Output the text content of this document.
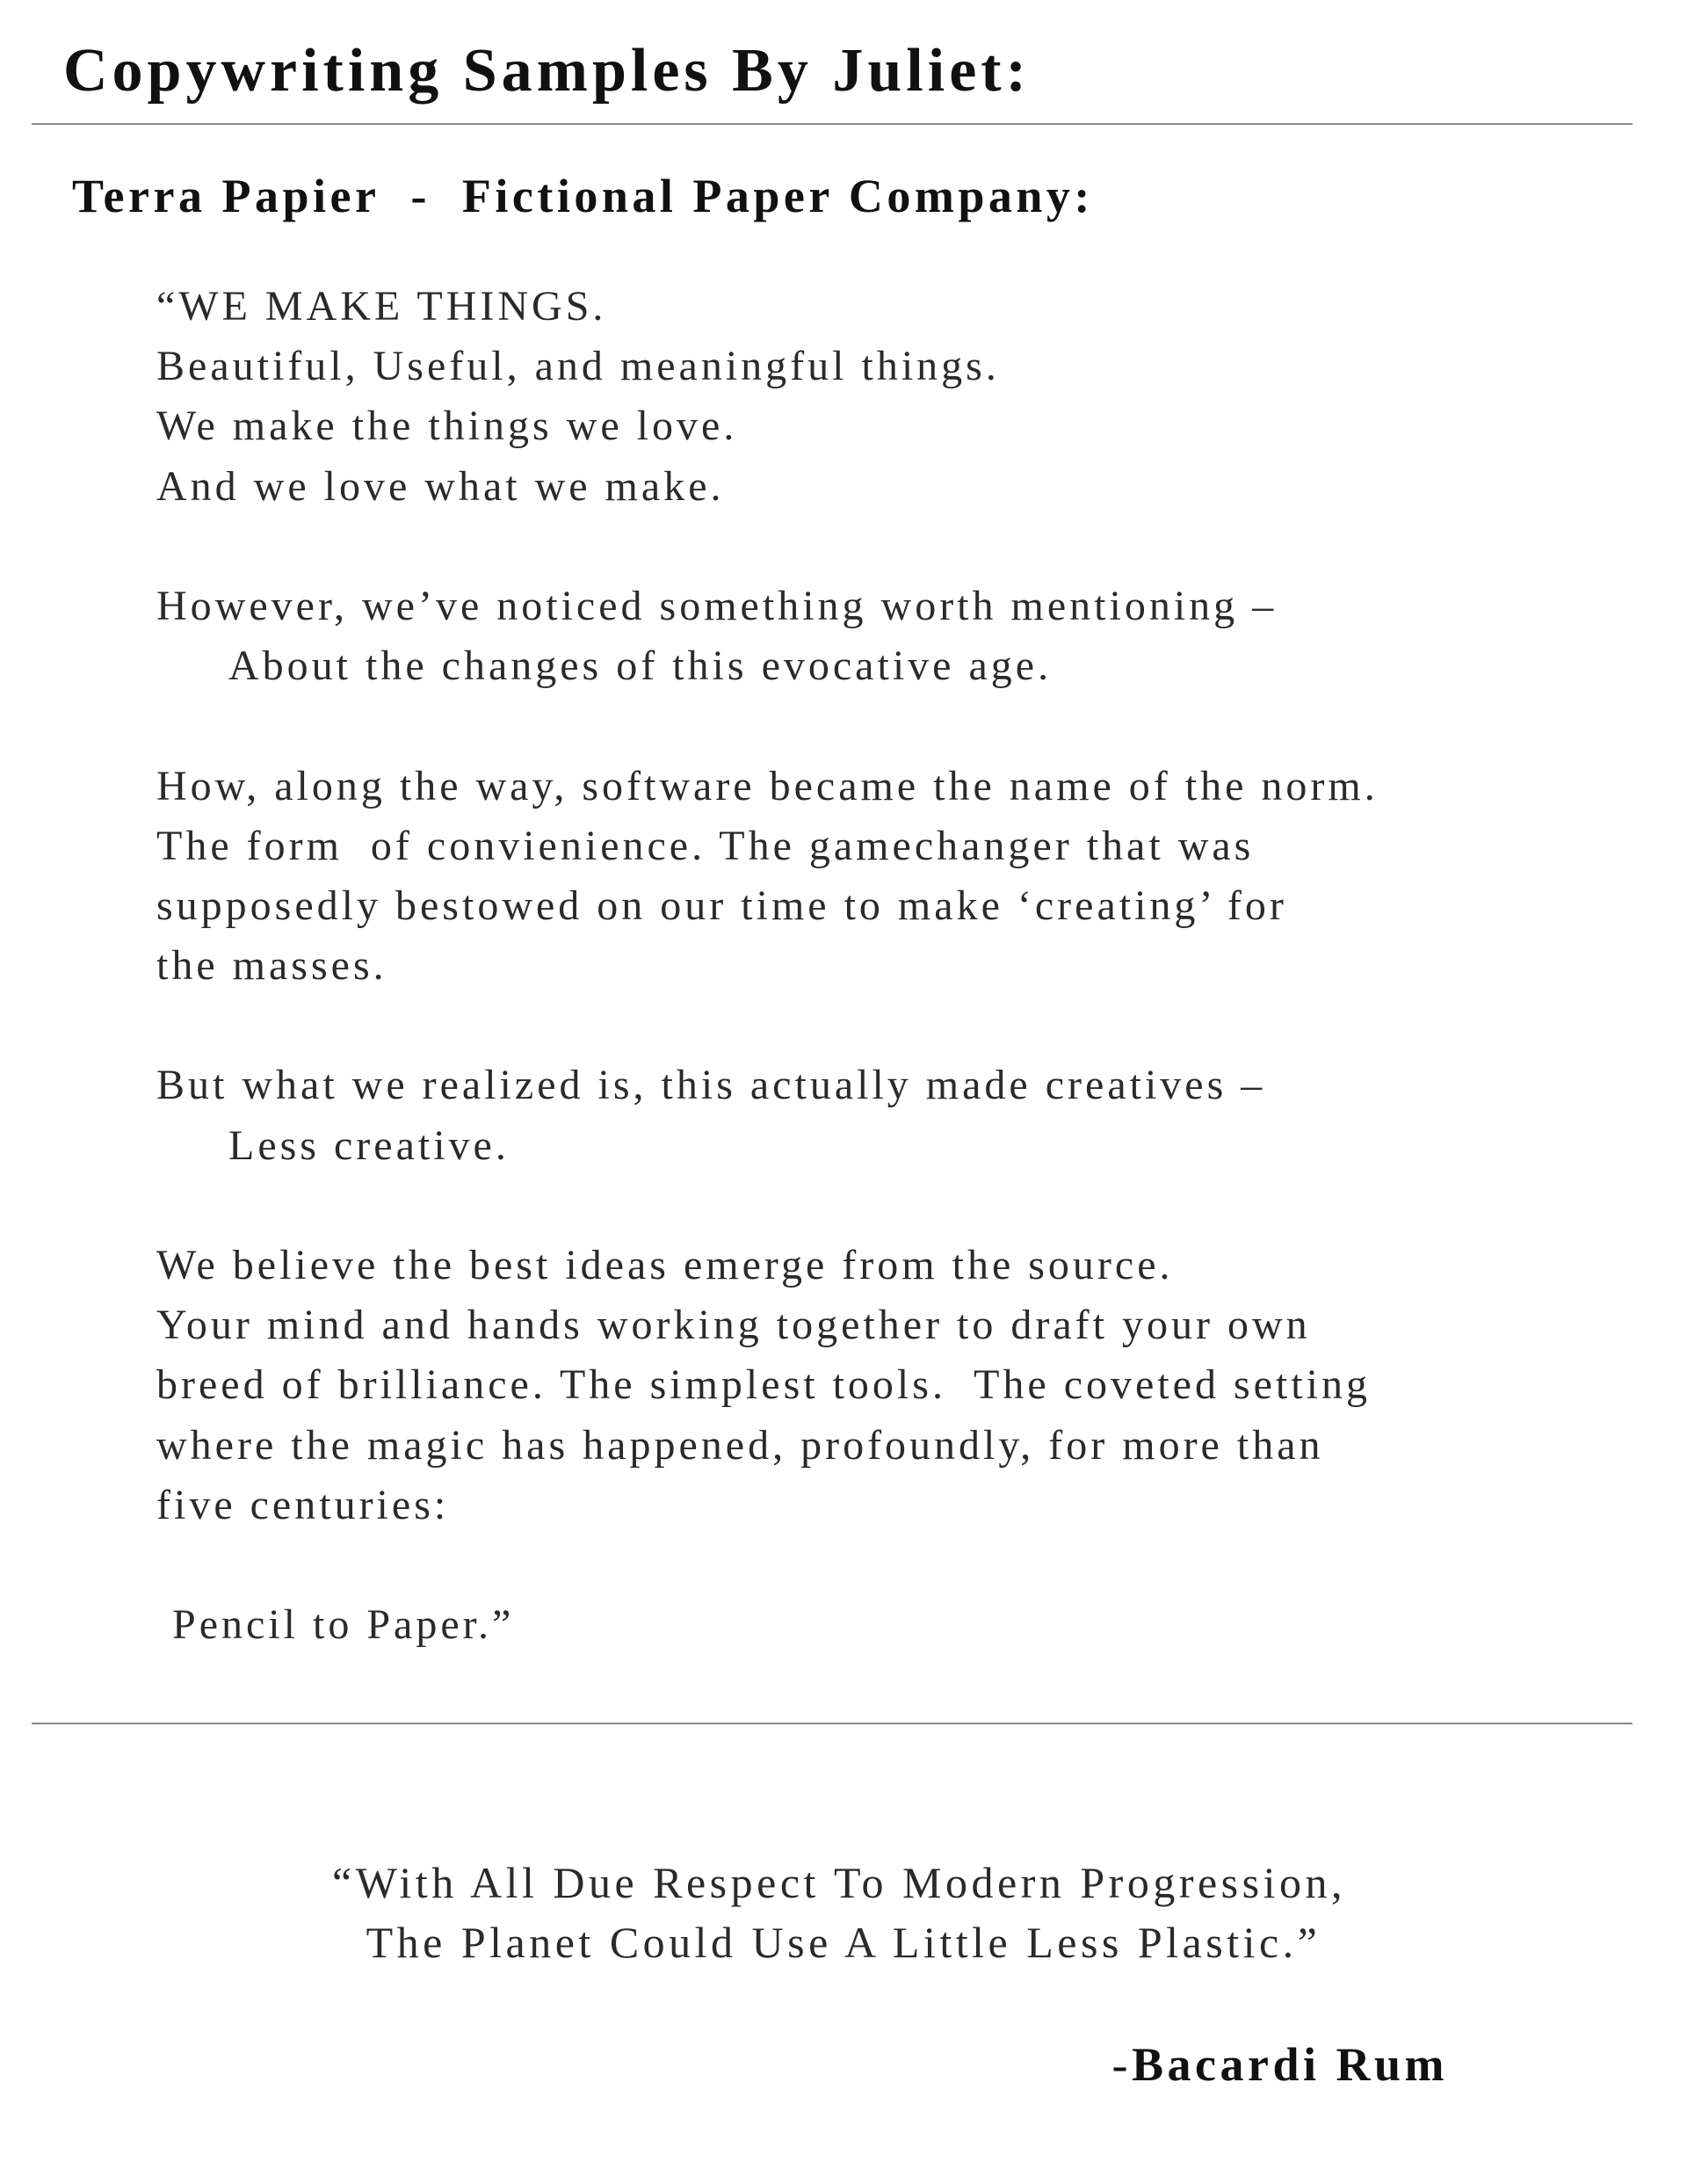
Copywriting Samples By Juliet:
Terra Papier  -  Fictional Paper Company:
“WE MAKE THINGS.
Beautiful, Useful, and meaningful things.
We make the things we love.
And we love what we make.
However, we’ve noticed something worth mentioning –
About the changes of this evocative age.
How, along the way, software became the name of the norm.
The form  of convienience. The gamechanger that was
supposedly bestowed on our time to make ‘creating’ for
the masses.
But what we realized is, this actually made creatives –
Less creative.
We believe the best ideas emerge from the source.
Your mind and hands working together to draft your own
breed of brilliance. The simplest tools.  The coveted setting
where the magic has happened, profoundly, for more than
five centuries:
Pencil to Paper.”
“With All Due Respect To Modern Progression,
The Planet Could Use A Little Less Plastic.”

-Bacardi Rum
